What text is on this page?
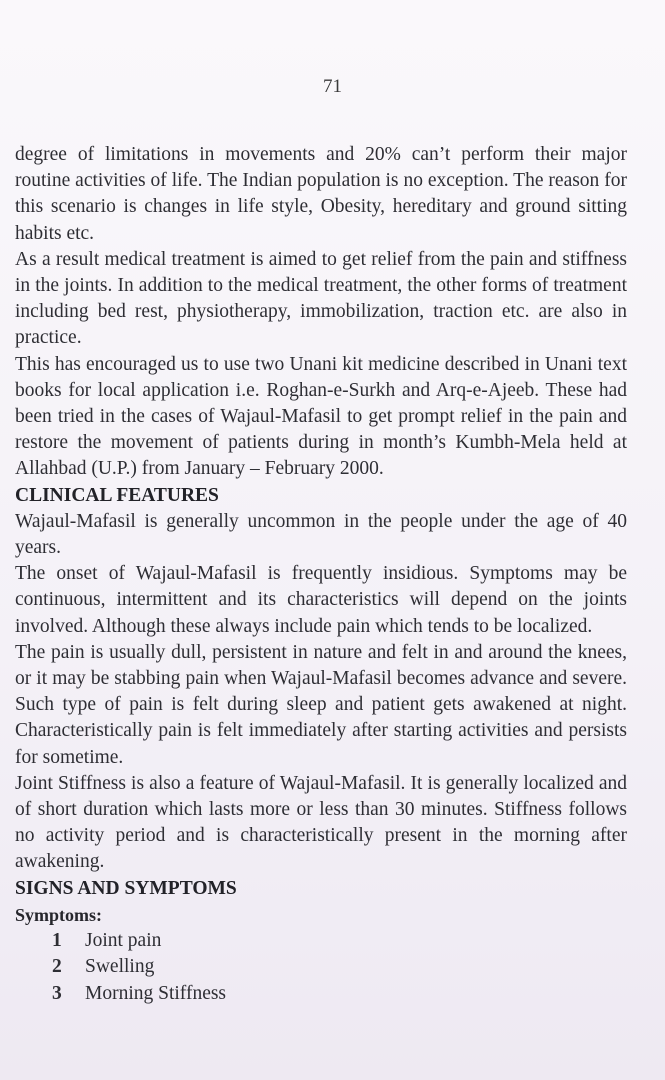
71

degree of limitations in movements and 20% can’t perform their major routine activities of life. The Indian population is no exception. The reason for this scenario is changes in life style, Obesity, hereditary and ground sitting habits etc.

As a result medical treatment is aimed to get relief from the pain and stiffness in the joints. In addition to the medical treatment, the other forms of treatment including bed rest, physiotherapy, immobilization, traction etc. are also in practice.

This has encouraged us to use two Unani kit medicine described in Unani text books for local application i.e. Roghan-e-Surkh and Arq-e-Ajeeb. These had been tried in the cases of Wajaul-Mafasil to get prompt relief in the pain and restore the movement of patients during in month’s Kumbh-Mela held at Allahbad (U.P.) from January – February 2000.

CLINICAL FEATURES

Wajaul-Mafasil is generally uncommon in the people under the age of 40 years.

The onset of Wajaul-Mafasil is frequently insidious. Symptoms may be continuous, intermittent and its characteristics will depend on the joints involved. Although these always include pain which tends to be localized.

The pain is usually dull, persistent in nature and felt in and around the knees, or it may be stabbing pain when Wajaul-Mafasil becomes advance and severe. Such type of pain is felt during sleep and patient gets awakened at night. Characteristically pain is felt immediately after starting activities and persists for sometime.

Joint Stiffness is also a feature of Wajaul-Mafasil. It is generally localized and of short duration which lasts more or less than 30 minutes. Stiffness follows no activity period and is characteristically present in the morning after awakening.

SIGNS AND SYMPTOMS

Symptoms:

1	Joint pain
2	Swelling
3	Morning Stiffness
